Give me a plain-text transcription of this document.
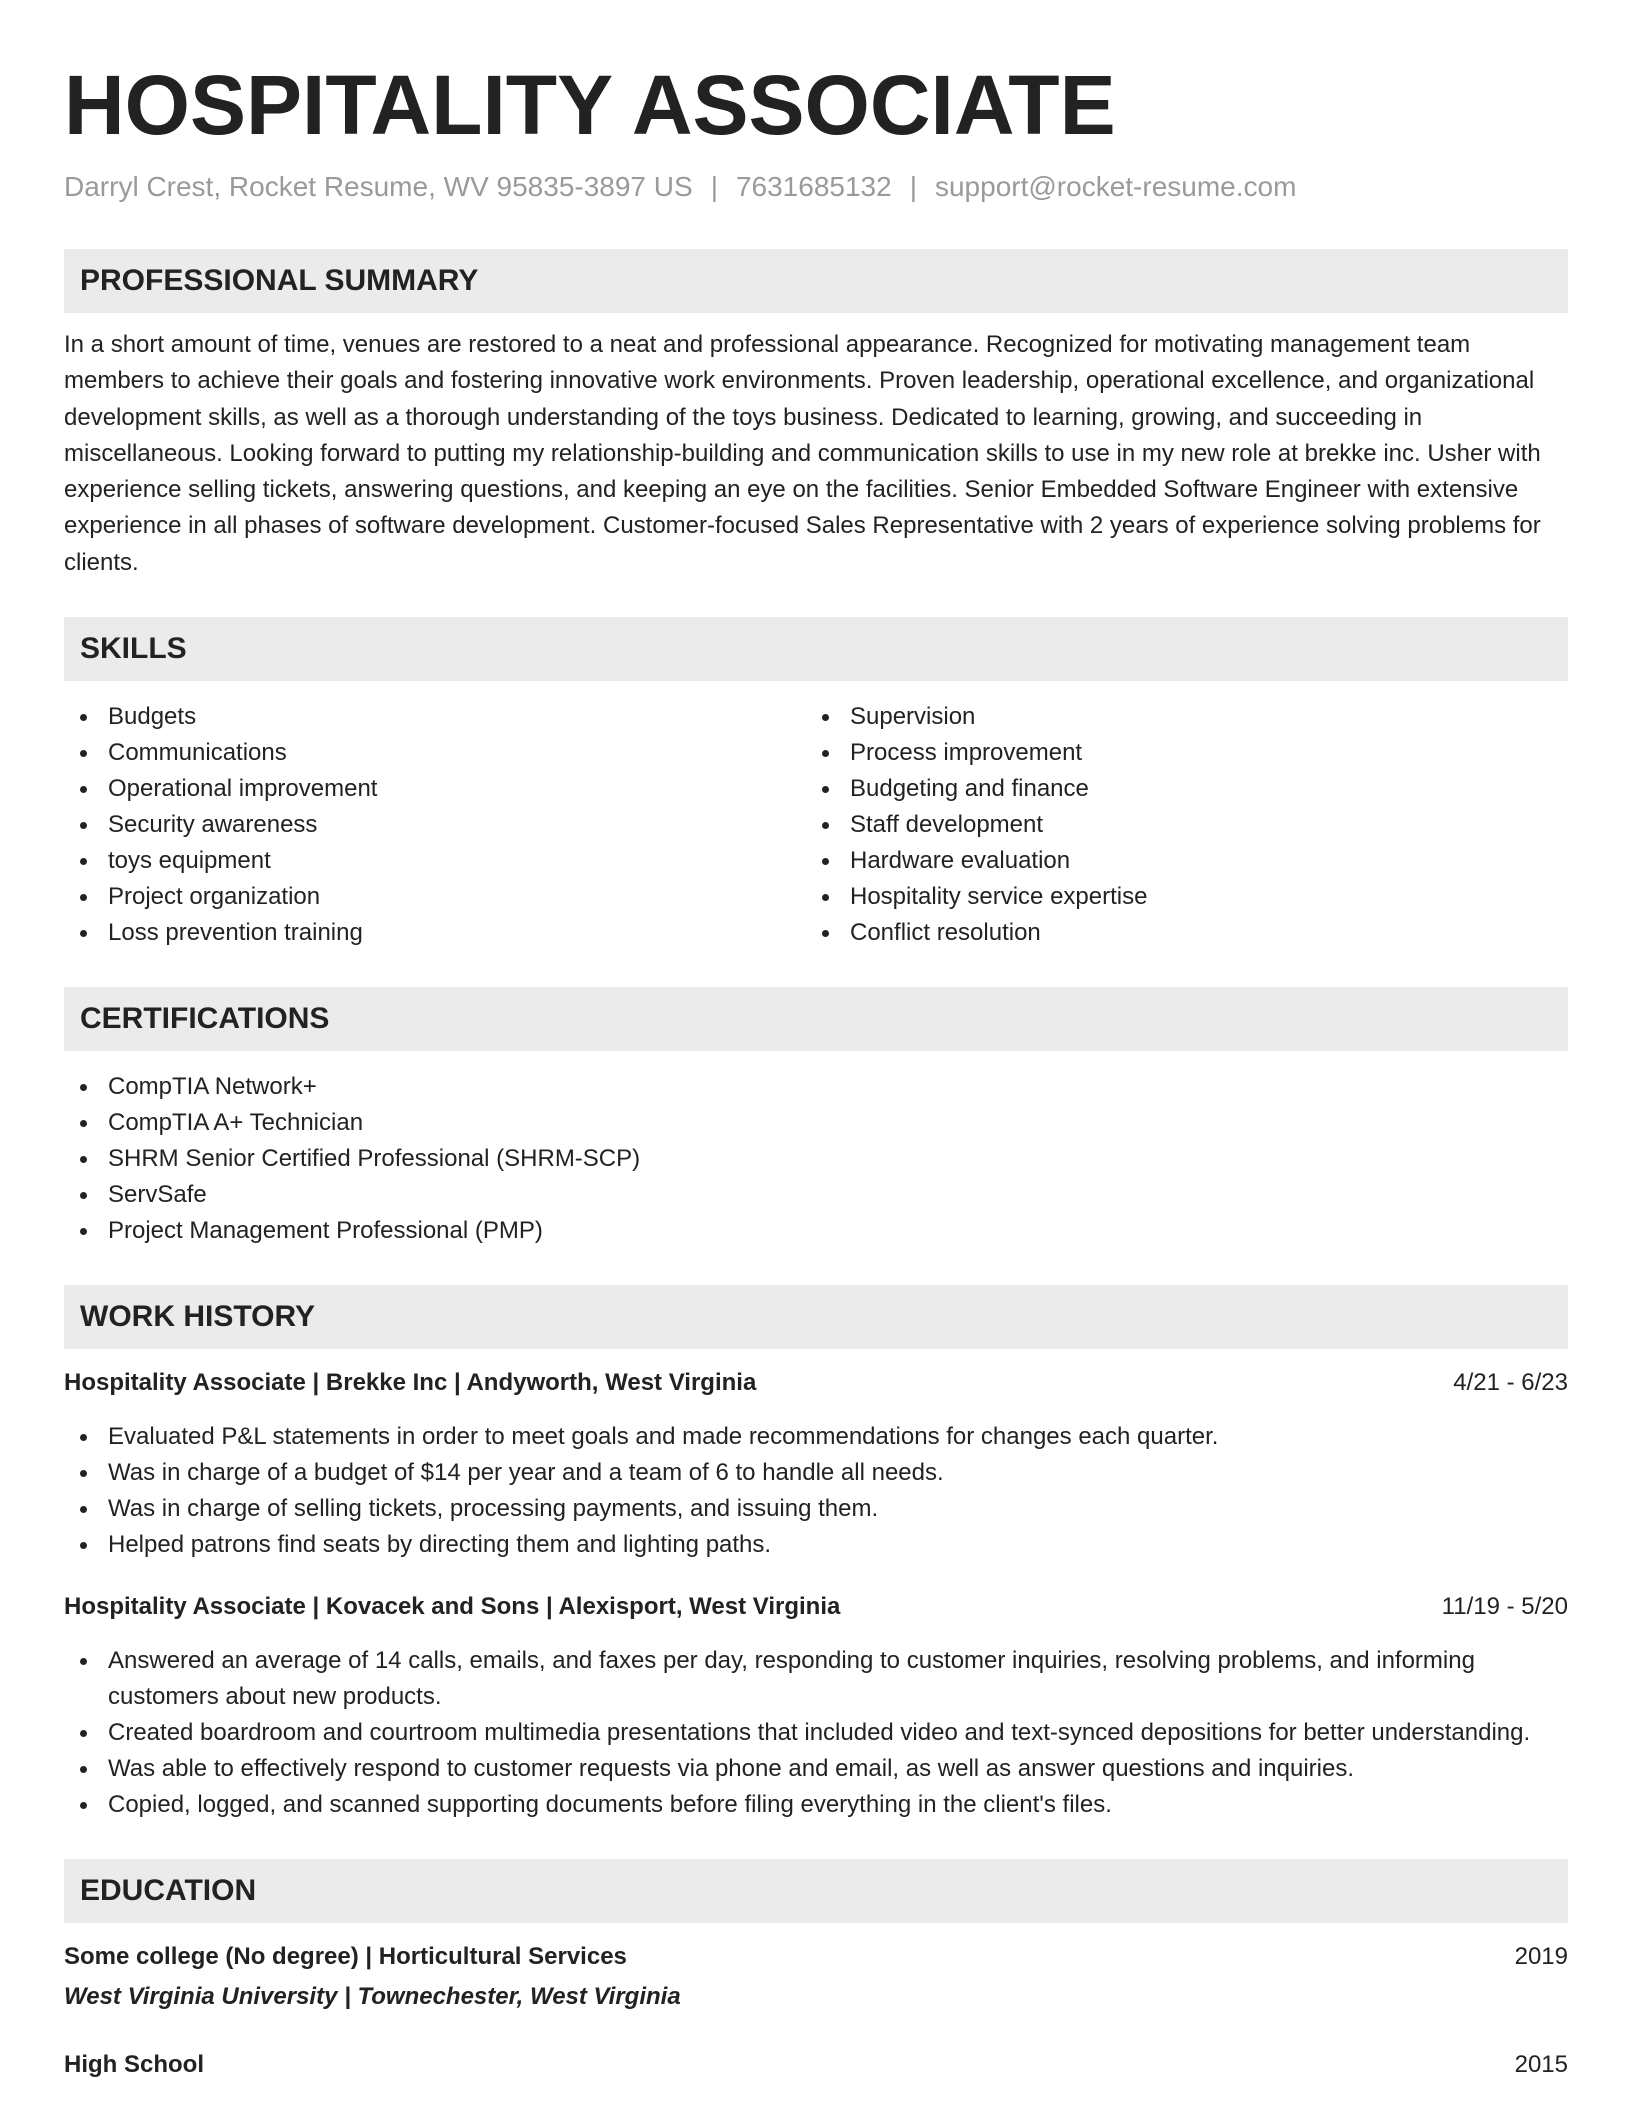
HOSPITALITY ASSOCIATE
Darryl Crest, Rocket Resume, WV 95835-3897 US | 7631685132 | support@rocket-resume.com
PROFESSIONAL SUMMARY

In a short amount of time, venues are restored to a neat and professional appearance. Recognized for motivating management team members to achieve their goals and fostering innovative work environments. Proven leadership, operational excellence, and organizational development skills, as well as a thorough understanding of the toys business. Dedicated to learning, growing, and succeeding in miscellaneous. Looking forward to putting my relationship-building and communication skills to use in my new role at brekke inc. Usher with experience selling tickets, answering questions, and keeping an eye on the facilities. Senior Embedded Software Engineer with extensive experience in all phases of software development. Customer-focused Sales Representative with 2 years of experience solving problems for clients.

SKILLS
Budgets
Communications
Operational improvement
Security awareness
toys equipment
Project organization
Loss prevention training
Supervision
Process improvement
Budgeting and finance
Staff development
Hardware evaluation
Hospitality service expertise
Conflict resolution
CERTIFICATIONS
CompTIA Network+
CompTIA A+ Technician
SHRM Senior Certified Professional (SHRM-SCP)
ServSafe
Project Management Professional (PMP)
WORK HISTORY
Hospitality Associate | Brekke Inc | Andyworth, West Virginia	4/21 - 6/23
Evaluated P&L statements in order to meet goals and made recommendations for changes each quarter.
Was in charge of a budget of $14 per year and a team of 6 to handle all needs.
Was in charge of selling tickets, processing payments, and issuing them.
Helped patrons find seats by directing them and lighting paths.
Hospitality Associate | Kovacek and Sons | Alexisport, West Virginia	11/19 - 5/20
Answered an average of 14 calls, emails, and faxes per day, responding to customer inquiries, resolving problems, and informing customers about new products.
Created boardroom and courtroom multimedia presentations that included video and text-synced depositions for better understanding.
Was able to effectively respond to customer requests via phone and email, as well as answer questions and inquiries.
Copied, logged, and scanned supporting documents before filing everything in the client's files.
EDUCATION
Some college (No degree) | Horticultural Services	2019
West Virginia University | Townechester, West Virginia
High School	2015
